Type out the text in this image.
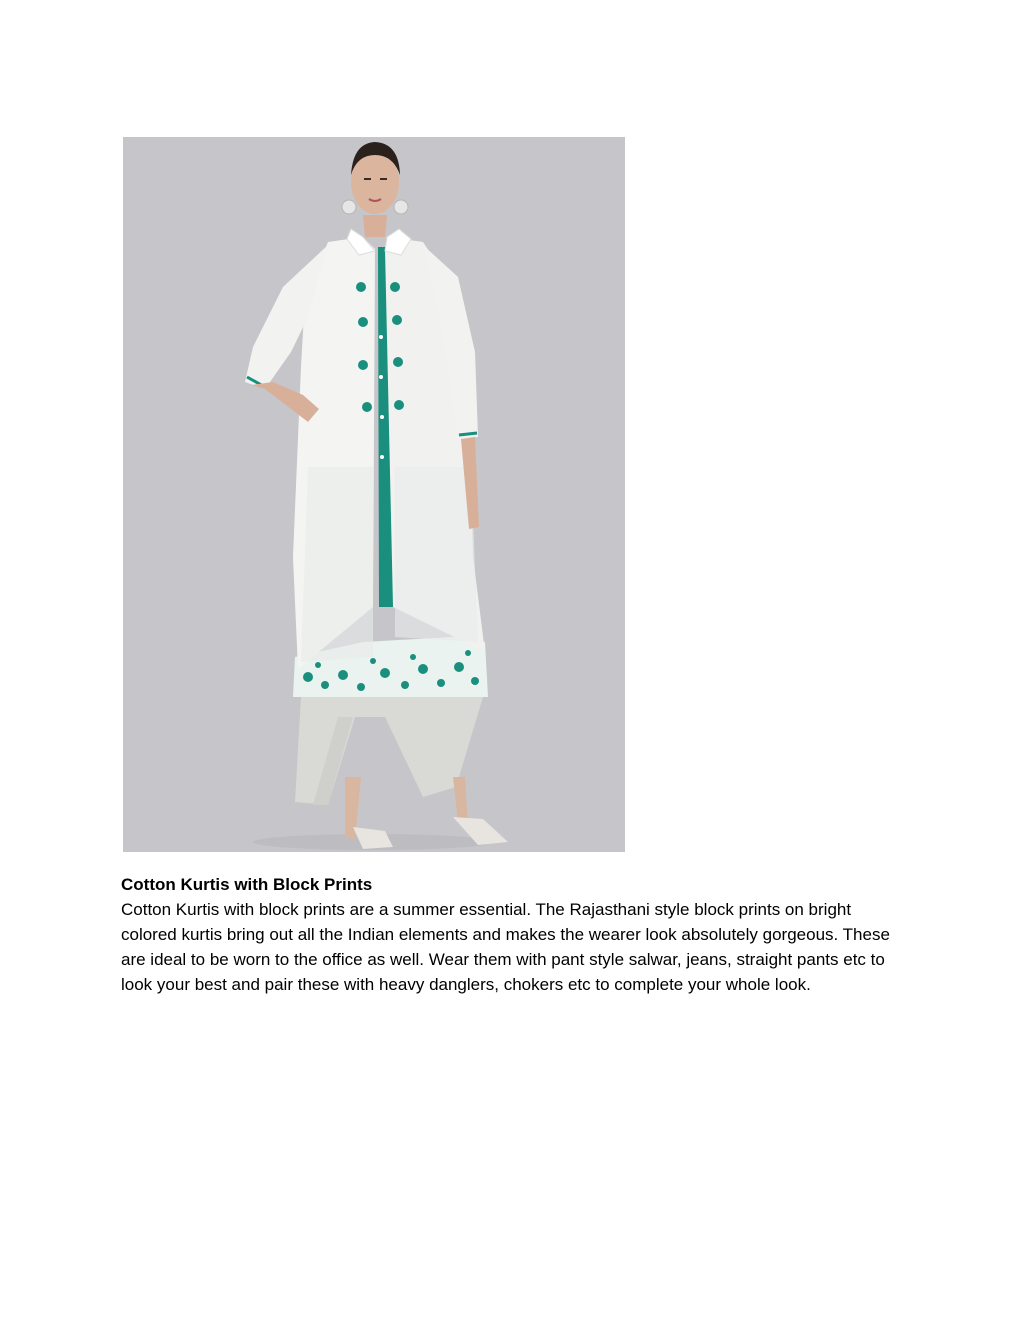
Cotton Kurtis with Block Prints

Cotton Kurtis with block prints are a summer essential. The Rajasthani style block prints on bright colored kurtis bring out all the Indian elements and makes the wearer look absolutely gorgeous. These are ideal to be worn to the office as well. Wear them with pant style salwar, jeans, straight pants etc to look your best and pair these with heavy danglers, chokers etc to complete your whole look.
